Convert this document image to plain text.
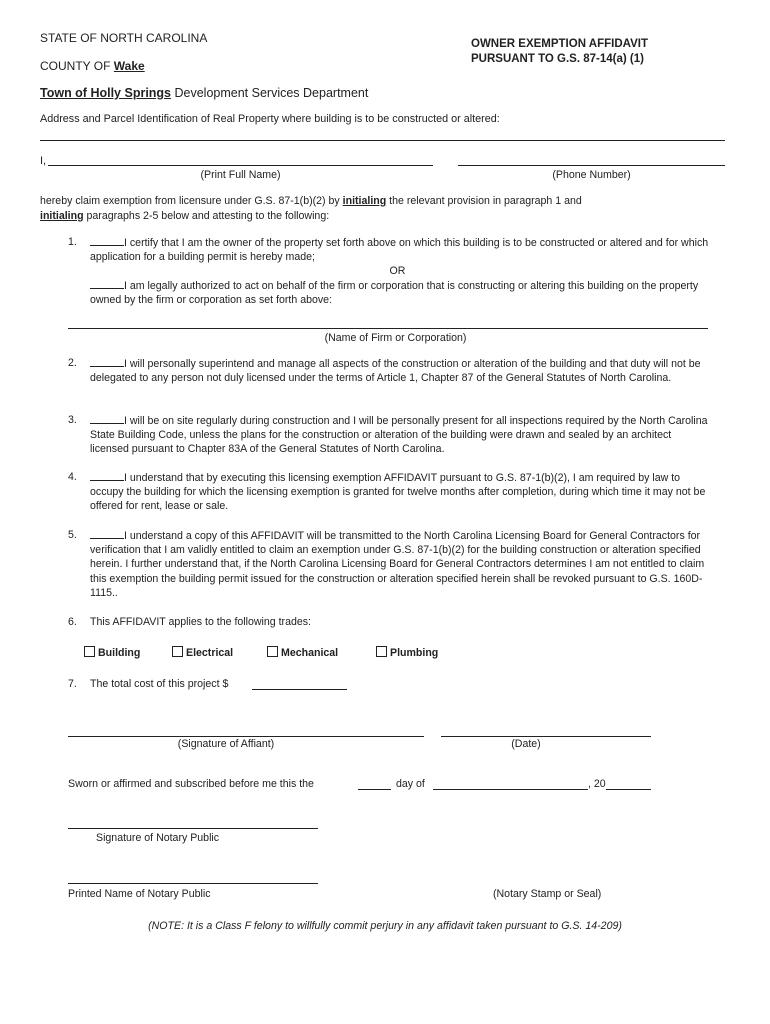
STATE OF NORTH CAROLINA
COUNTY OF Wake
OWNER EXEMPTION AFFIDAVIT
PURSUANT TO G.S. 87-14(a) (1)
Town of Holly Springs Development Services Department
Address and Parcel Identification of Real Property where building is to be constructed or altered:
I,
(Print Full Name)	(Phone Number)
hereby claim exemption from licensure under G.S. 87-1(b)(2) by initialing the relevant provision in paragraph 1 and
initialing paragraphs 2-5 below and attesting to the following:
1.	I certify that I am the owner of the property set forth above on which this building is to be constructed or altered and for which application for a building permit is hereby made;
OR
I am legally authorized to act on behalf of the firm or corporation that is constructing or altering this building on the property owned by the firm or corporation as set forth above:
(Name of Firm or Corporation)
2.	I will personally superintend and manage all aspects of the construction or alteration of the building and that duty will not be delegated to any person not duly licensed under the terms of Article 1, Chapter 87 of the General Statutes of North Carolina.
3.	I will be on site regularly during construction and I will be personally present for all inspections required by the North Carolina State Building Code, unless the plans for the construction or alteration of the building were drawn and sealed by an architect licensed pursuant to Chapter 83A of the General Statutes of North Carolina.
4.	I understand that by executing this licensing exemption AFFIDAVIT pursuant to G.S. 87-1(b)(2), I am required by law to occupy the building for which the licensing exemption is granted for twelve months after completion, during which time it may not be offered for rent, lease or sale.
5.	I understand a copy of this AFFIDAVIT will be transmitted to the North Carolina Licensing Board for General Contractors for verification that I am validly entitled to claim an exemption under G.S. 87-1(b)(2) for the building construction or alteration specified herein. I further understand that, if the North Carolina Licensing Board for General Contractors determines I am not entitled to claim this exemption the building permit issued for the construction or alteration specified herein shall be revoked pursuant to G.S. 160D-1115..
6. This AFFIDAVIT applies to the following trades:
Building	Electrical	Mechanical	Plumbing
7. The total cost of this project $
(Signature of Affiant)	(Date)
Sworn or affirmed and subscribed before me this the	day of	, 20
Signature of Notary Public
Printed Name of Notary Public	(Notary Stamp or Seal)
(NOTE: It is a Class F felony to willfully commit perjury in any affidavit taken pursuant to G.S. 14-209)
